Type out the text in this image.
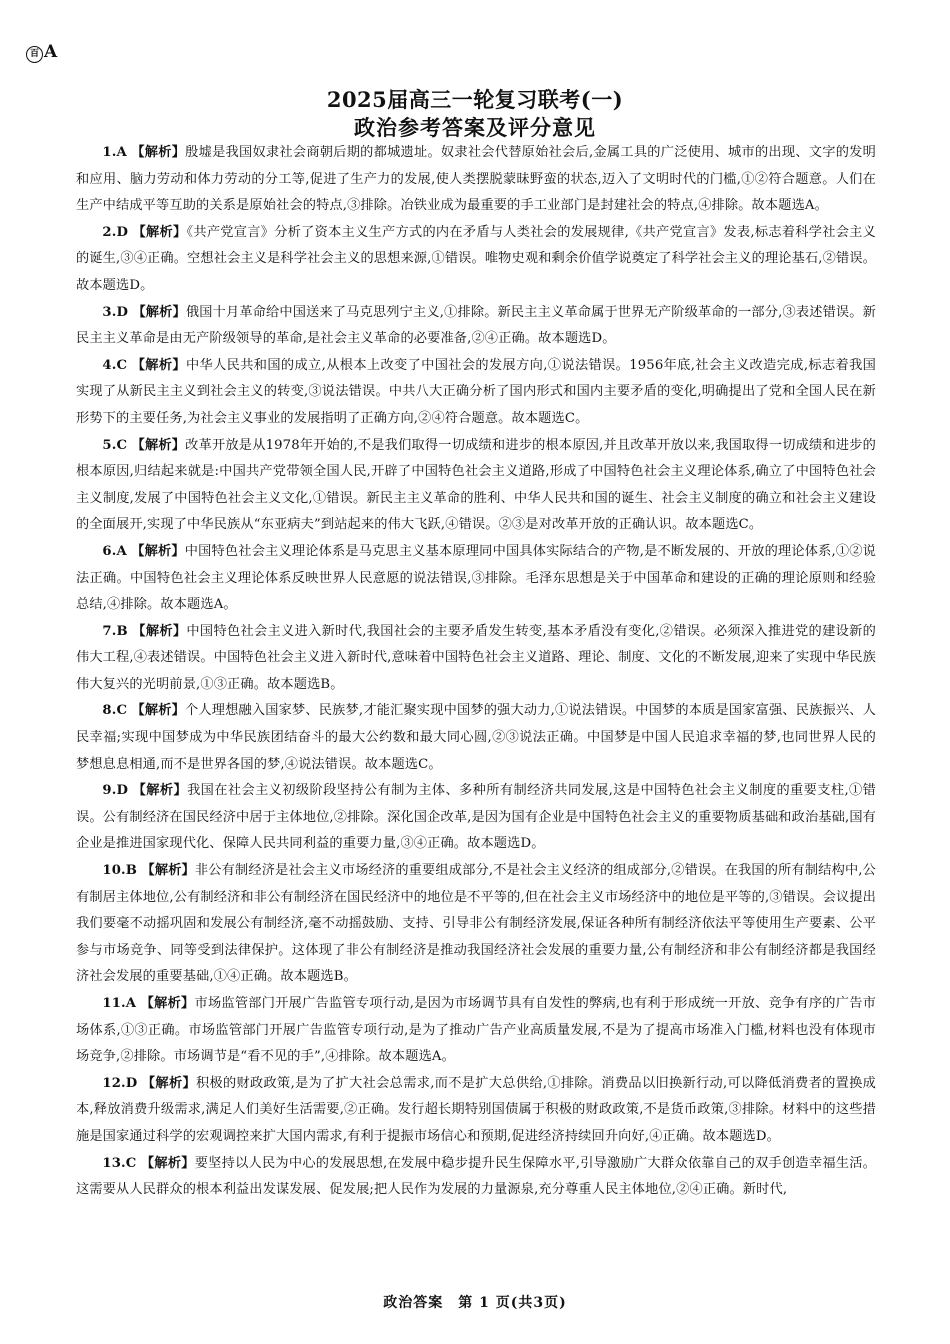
百 A
2025届高三一轮复习联考(一)
政治参考答案及评分意见

1.A 【解析】殷墟是我国奴隶社会商朝后期的都城遗址。奴隶社会代替原始社会后,金属工具的广泛使用、城市的出现、文字的发明和应用、脑力劳动和体力劳动的分工等,促进了生产力的发展,使人类摆脱蒙昧野蛮的状态,迈入了文明时代的门槛,①②符合题意。人们在生产中结成平等互助的关系是原始社会的特点,③排除。冶铁业成为最重要的手工业部门是封建社会的特点,④排除。故本题选A。

2.D 【解析】《共产党宣言》分析了资本主义生产方式的内在矛盾与人类社会的发展规律,《共产党宣言》发表,标志着科学社会主义的诞生,③④正确。空想社会主义是科学社会主义的思想来源,①错误。唯物史观和剩余价值学说奠定了科学社会主义的理论基石,②错误。故本题选D。

3.D 【解析】俄国十月革命给中国送来了马克思列宁主义,①排除。新民主主义革命属于世界无产阶级革命的一部分,③表述错误。新民主主义革命是由无产阶级领导的革命,是社会主义革命的必要准备,②④正确。故本题选D。

4.C 【解析】中华人民共和国的成立,从根本上改变了中国社会的发展方向,①说法错误。1956年底,社会主义改造完成,标志着我国实现了从新民主主义到社会主义的转变,③说法错误。中共八大正确分析了国内形式和国内主要矛盾的变化,明确提出了党和全国人民在新形势下的主要任务,为社会主义事业的发展指明了正确方向,②④符合题意。故本题选C。

5.C 【解析】改革开放是从1978年开始的,不是我们取得一切成绩和进步的根本原因,并且改革开放以来,我国取得一切成绩和进步的根本原因,归结起来就是:中国共产党带领全国人民,开辟了中国特色社会主义道路,形成了中国特色社会主义理论体系,确立了中国特色社会主义制度,发展了中国特色社会主义文化,①错误。新民主主义革命的胜利、中华人民共和国的诞生、社会主义制度的确立和社会主义建设的全面展开,实现了中华民族从“东亚病夫”到站起来的伟大飞跃,④错误。②③是对改革开放的正确认识。故本题选C。

6.A 【解析】中国特色社会主义理论体系是马克思主义基本原理同中国具体实际结合的产物,是不断发展的、开放的理论体系,①②说法正确。中国特色社会主义理论体系反映世界人民意愿的说法错误,③排除。毛泽东思想是关于中国革命和建设的正确的理论原则和经验总结,④排除。故本题选A。

7.B 【解析】中国特色社会主义进入新时代,我国社会的主要矛盾发生转变,基本矛盾没有变化,②错误。必须深入推进党的建设新的伟大工程,④表述错误。中国特色社会主义进入新时代,意味着中国特色社会主义道路、理论、制度、文化的不断发展,迎来了实现中华民族伟大复兴的光明前景,①③正确。故本题选B。

8.C 【解析】个人理想融入国家梦、民族梦,才能汇聚实现中国梦的强大动力,①说法错误。中国梦的本质是国家富强、民族振兴、人民幸福;实现中国梦成为中华民族团结奋斗的最大公约数和最大同心圆,②③说法正确。中国梦是中国人民追求幸福的梦,也同世界人民的梦想息息相通,而不是世界各国的梦,④说法错误。故本题选C。

9.D 【解析】我国在社会主义初级阶段坚持公有制为主体、多种所有制经济共同发展,这是中国特色社会主义制度的重要支柱,①错误。公有制经济在国民经济中居于主体地位,②排除。深化国企改革,是因为国有企业是中国特色社会主义的重要物质基础和政治基础,国有企业是推进国家现代化、保障人民共同利益的重要力量,③④正确。故本题选D。

10.B 【解析】非公有制经济是社会主义市场经济的重要组成部分,不是社会主义经济的组成部分,②错误。在我国的所有制结构中,公有制居主体地位,公有制经济和非公有制经济在国民经济中的地位是不平等的,但在社会主义市场经济中的地位是平等的,③错误。会议提出我们要毫不动摇巩固和发展公有制经济,毫不动摇鼓励、支持、引导非公有制经济发展,保证各种所有制经济依法平等使用生产要素、公平参与市场竞争、同等受到法律保护。这体现了非公有制经济是推动我国经济社会发展的重要力量,公有制经济和非公有制经济都是我国经济社会发展的重要基础,①④正确。故本题选B。

11.A 【解析】市场监管部门开展广告监管专项行动,是因为市场调节具有自发性的弊病,也有利于形成统一开放、竞争有序的广告市场体系,①③正确。市场监管部门开展广告监管专项行动,是为了推动广告产业高质量发展,不是为了提高市场准入门槛,材料也没有体现市场竞争,②排除。市场调节是“看不见的手”,④排除。故本题选A。

12.D 【解析】积极的财政政策,是为了扩大社会总需求,而不是扩大总供给,①排除。消费品以旧换新行动,可以降低消费者的置换成本,释放消费升级需求,满足人们美好生活需要,②正确。发行超长期特别国债属于积极的财政政策,不是货币政策,③排除。材料中的这些措施是国家通过科学的宏观调控来扩大国内需求,有利于提振市场信心和预期,促进经济持续回升向好,④正确。故本题选D。

13.C 【解析】要坚持以人民为中心的发展思想,在发展中稳步提升民生保障水平,引导激励广大群众依靠自己的双手创造幸福生活。这需要从人民群众的根本利益出发谋发展、促发展;把人民作为发展的力量源泉,充分尊重人民主体地位,②④正确。新时代,

政治答案　第 1 页(共3页)
